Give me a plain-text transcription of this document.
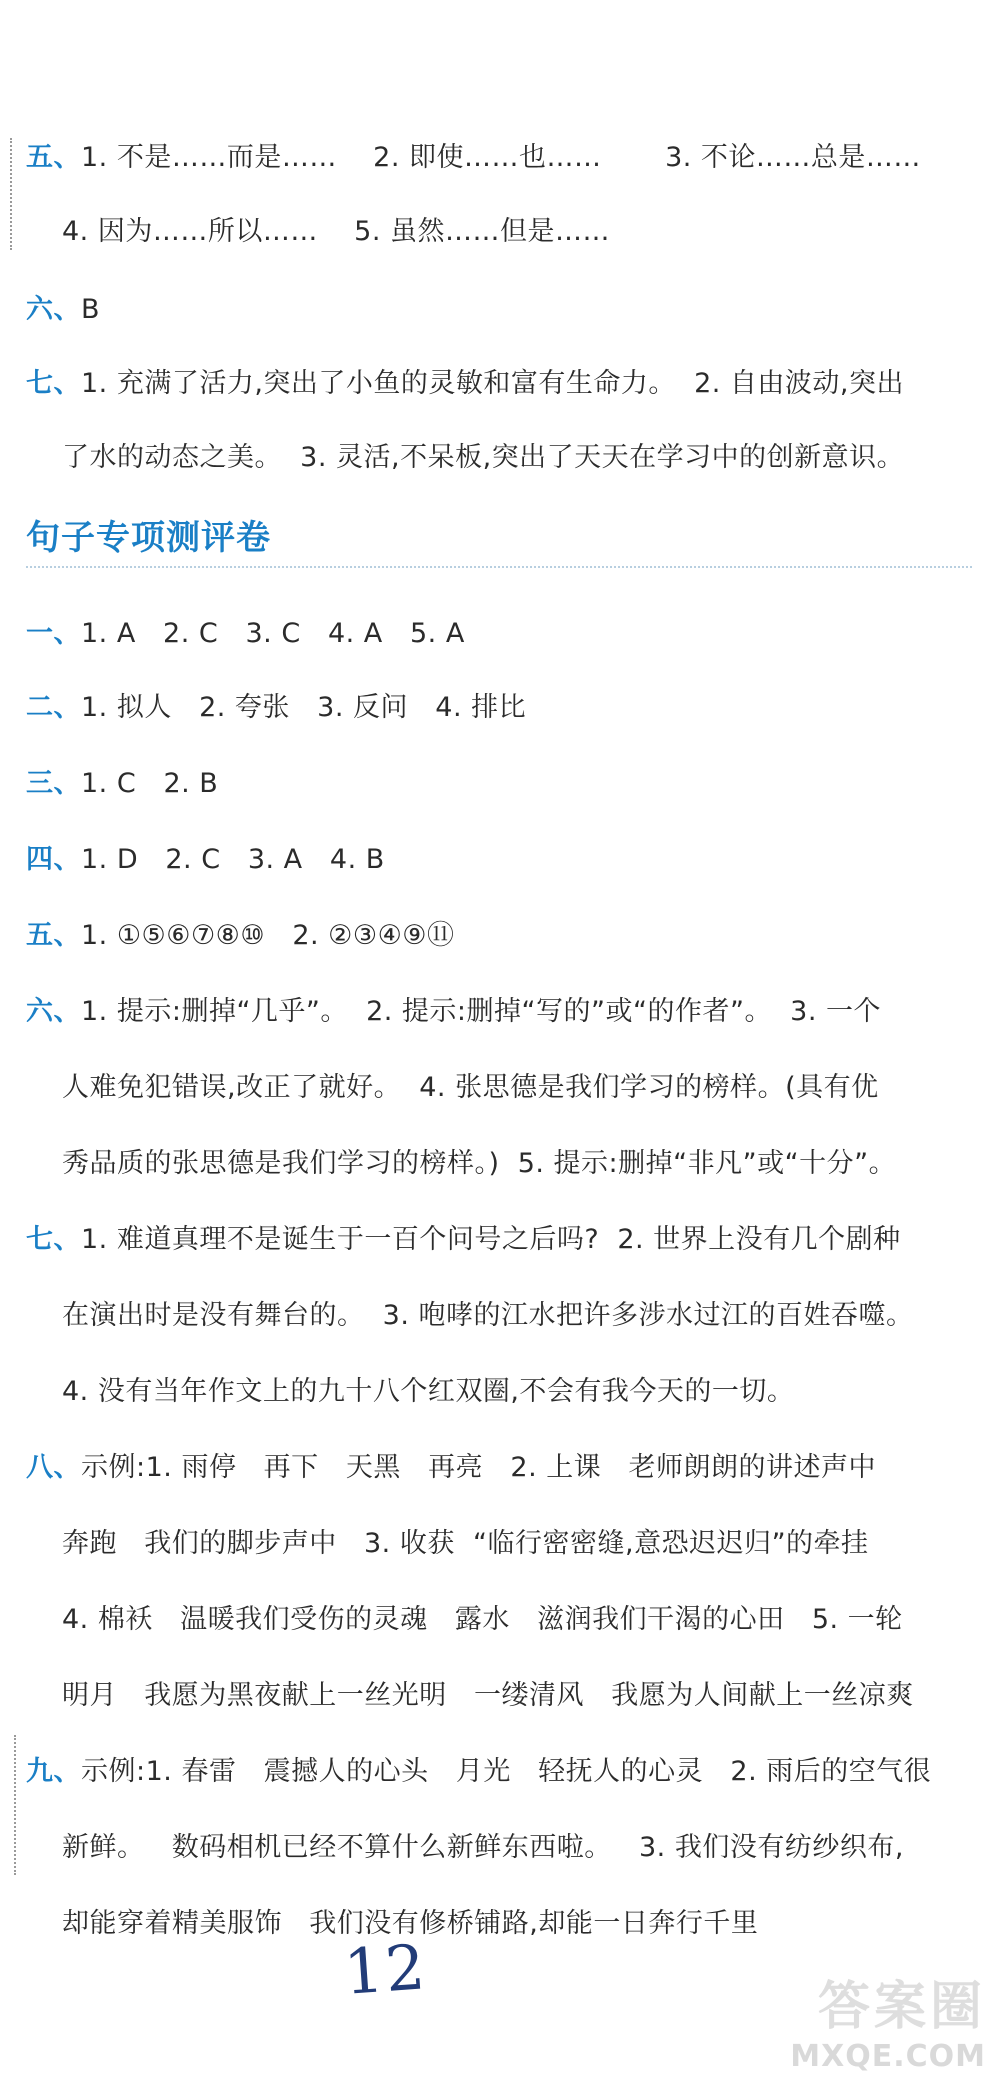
五、1. 不是……而是……    2. 即使……也……       3. 不论……总是……
4. 因为……所以……    5. 虽然……但是……
六、B
七、1. 充满了活力,突出了小鱼的灵敏和富有生命力。  2. 自由波动,突出
了水的动态之美。  3. 灵活,不呆板,突出了天天在学习中的创新意识。
句子专项测评卷
一、1. A   2. C   3. C   4. A   5. A
二、1. 拟人   2. 夸张   3. 反问   4. 排比
三、1. C   2. B
四、1. D   2. C   3. A   4. B
五、1. ①⑤⑥⑦⑧⑩   2. ②③④⑨⑪
六、1. 提示:删掉“几乎”。  2. 提示:删掉“写的”或“的作者”。  3. 一个
人难免犯错误,改正了就好。  4. 张思德是我们学习的榜样。(具有优
秀品质的张思德是我们学习的榜样。)  5. 提示:删掉“非凡”或“十分”。
七、1. 难道真理不是诞生于一百个问号之后吗?  2. 世界上没有几个剧种
在演出时是没有舞台的。  3. 咆哮的江水把许多涉水过江的百姓吞噬。
4. 没有当年作文上的九十八个红双圈,不会有我今天的一切。
八、示例:1. 雨停   再下   天黑   再亮   2. 上课   老师朗朗的讲述声中
奔跑   我们的脚步声中   3. 收获  “临行密密缝,意恐迟迟归”的牵挂
4. 棉袄   温暖我们受伤的灵魂   露水   滋润我们干渴的心田   5. 一轮
明月   我愿为黑夜献上一丝光明   一缕清风   我愿为人间献上一丝凉爽
九、示例:1. 春雷   震撼人的心头   月光   轻抚人的心灵   2. 雨后的空气很
新鲜。   数码相机已经不算什么新鲜东西啦。   3. 我们没有纺纱织布,
却能穿着精美服饰   我们没有修桥铺路,却能一日奔行千里
12	答案圈
MXQE.COM
